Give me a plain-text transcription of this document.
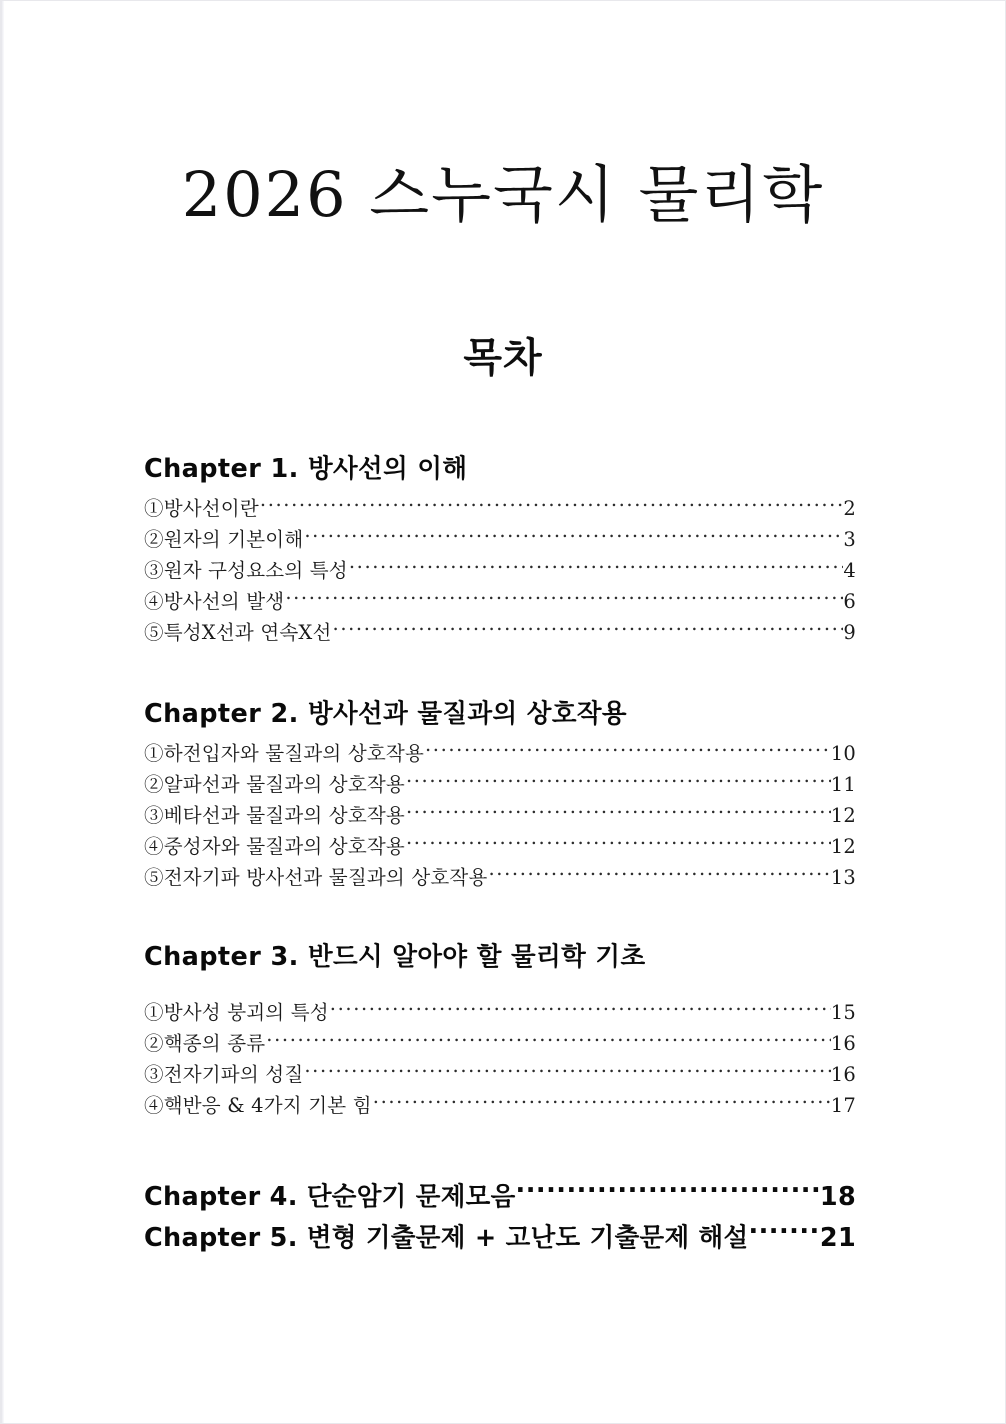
2026 스누국시 물리학
목차
Chapter 1. 방사선의 이해
①방사선이란 .....	2
②원자의 기본이해 .....	3
③원자 구성요소의 특성 .....	4
④방사선의 발생 .....	6
⑤특성X선과 연속X선 .....	9
Chapter 2. 방사선과 물질과의 상호작용
①하전입자와 물질과의 상호작용 .....	10
②알파선과 물질과의 상호작용 .....	11
③베타선과 물질과의 상호작용 .....	12
④중성자와 물질과의 상호작용 .....	12
⑤전자기파 방사선과 물질과의 상호작용 .....	13
Chapter 3. 반드시 알아야 할 물리학 기초
①방사성 붕괴의 특성 .....	15
②핵종의 종류 .....	16
③전자기파의 성질 .....	16
④핵반응 & 4가지 기본 힘 .....	17
Chapter 4. 단순암기 문제모음 .....	18
Chapter 5. 변형 기출문제 + 고난도 기출문제 해설 .....	21
